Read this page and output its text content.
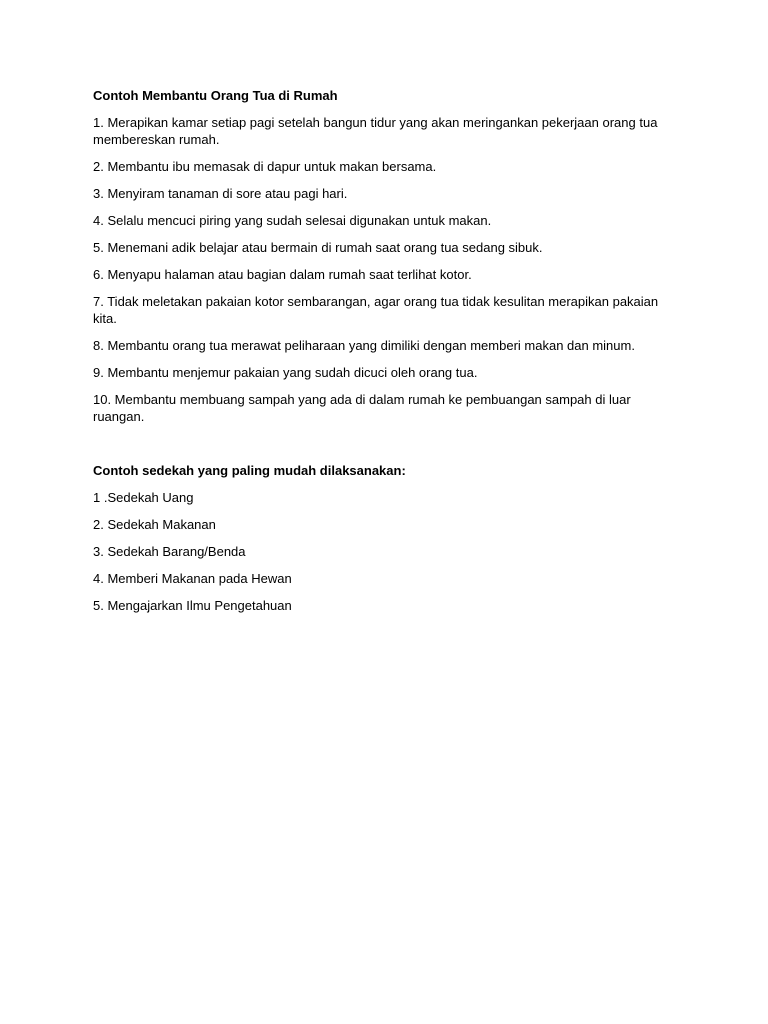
Contoh Membantu Orang Tua di Rumah
1. Merapikan kamar setiap pagi setelah bangun tidur yang akan meringankan pekerjaan orang tua membereskan rumah.
2. Membantu ibu memasak di dapur untuk makan bersama.
3. Menyiram tanaman di sore atau pagi hari.
4. Selalu mencuci piring yang sudah selesai digunakan untuk makan.
5. Menemani adik belajar atau bermain di rumah saat orang tua sedang sibuk.
6. Menyapu halaman atau bagian dalam rumah saat terlihat kotor.
7. Tidak meletakan pakaian kotor sembarangan, agar orang tua tidak kesulitan merapikan pakaian kita.
8. Membantu orang tua merawat peliharaan yang dimiliki dengan memberi makan dan minum.
9. Membantu menjemur pakaian yang sudah dicuci oleh orang tua.
10. Membantu membuang sampah yang ada di dalam rumah ke pembuangan sampah di luar ruangan.
Contoh sedekah yang paling mudah dilaksanakan:
1 .Sedekah Uang
2. Sedekah Makanan
3. Sedekah Barang/Benda
4. Memberi Makanan pada Hewan
5. Mengajarkan Ilmu Pengetahuan
